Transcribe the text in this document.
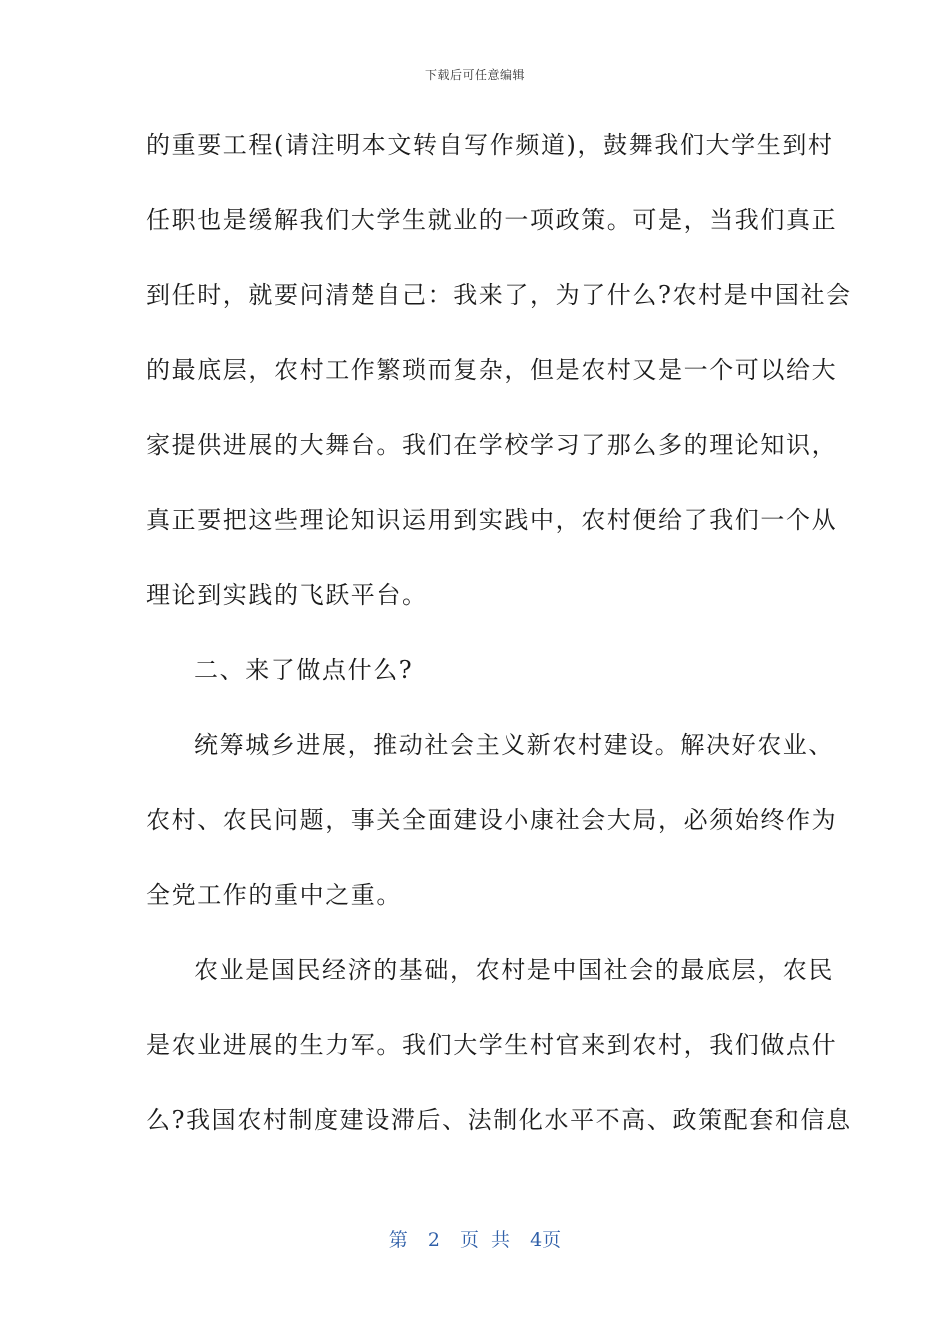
下载后可任意编辑
的重要工程(请注明本文转自写作频道)，鼓舞我们大学生到村
任职也是缓解我们大学生就业的一项政策。可是，当我们真正
到任时，就要问清楚自己：我来了，为了什么?农村是中国社会
的最底层，农村工作繁琐而复杂，但是农村又是一个可以给大
家提供进展的大舞台。我们在学校学习了那么多的理论知识，
真正要把这些理论知识运用到实践中，农村便给了我们一个从
理论到实践的飞跃平台。
二、来了做点什么?
统筹城乡进展，推动社会主义新农村建设。解决好农业、
农村、农民问题，事关全面建设小康社会大局，必须始终作为
全党工作的重中之重。
农业是国民经济的基础，农村是中国社会的最底层，农民
是农业进展的生力军。我们大学生村官来到农村，我们做点什
么?我国农村制度建设滞后、法制化水平不高、政策配套和信息
第 2 页 共 4页
